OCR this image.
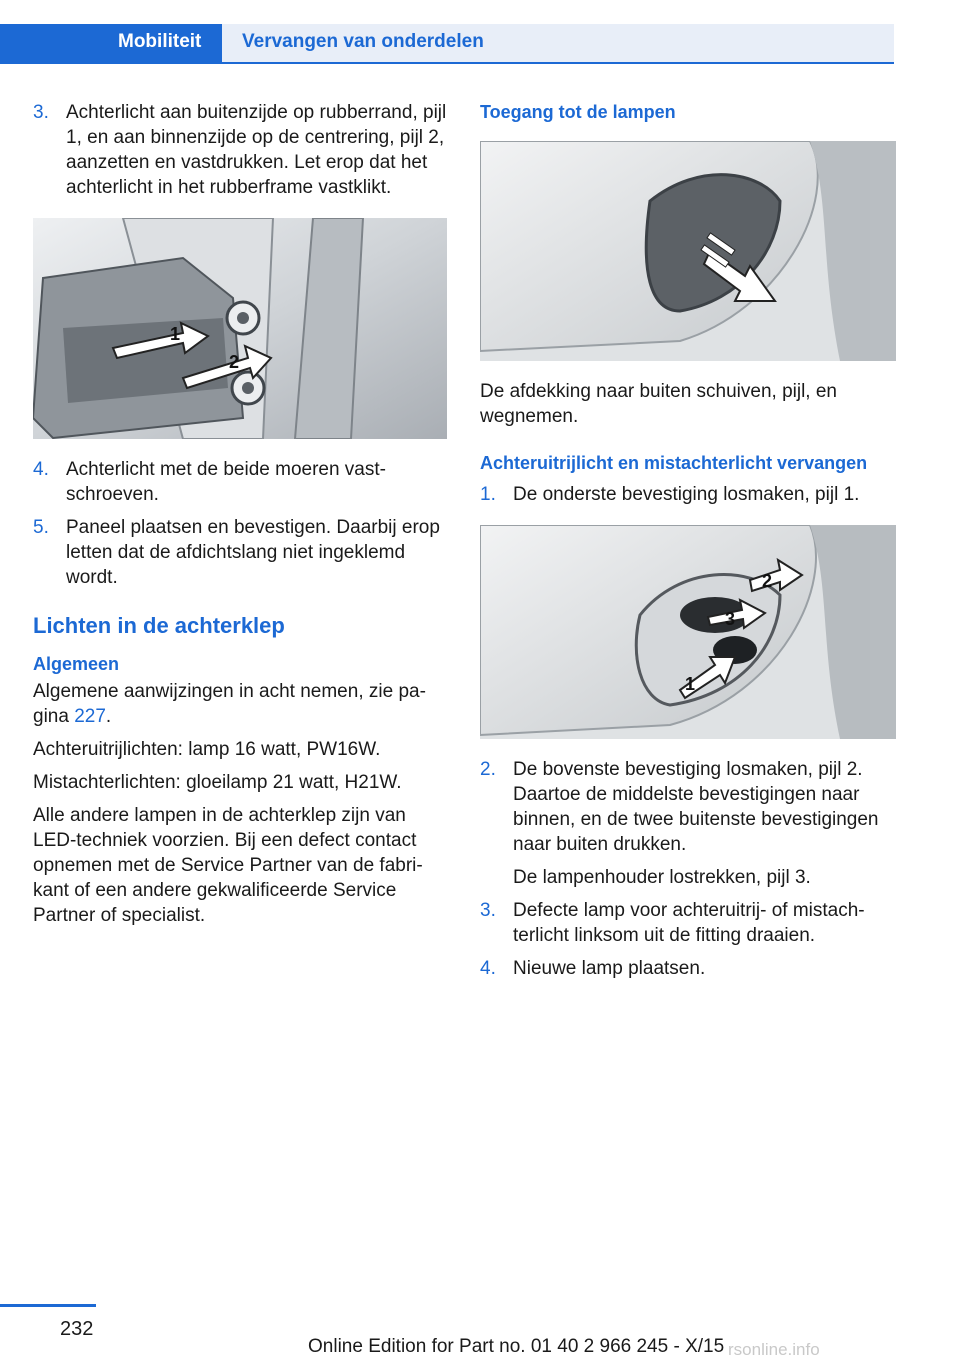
Mobiliteit Vervangen van onderdelen
3. Achterlicht aan buitenzijde op rubberrand, pijl 1, en aan binnenzijde op de centrering, pijl 2, aanzetten en vastdrukken. Let erop dat het achterlicht in het rubberframe vastklikt.
1
2
4. Achterlicht met de beide moeren vastschroeven.
5. Paneel plaatsen en bevestigen. Daarbij erop letten dat de afdichtslang niet ingeklemd wordt.
Lichten in de achterklep
Algemeen

Algemene aanwijzingen in acht nemen, zie pagina 227.

Achteruitrijlichten: lamp 16 watt, PW16W.

Mistachterlichten: gloeilamp 21 watt, H21W.

Alle andere lampen in de achterklep zijn van LED-techniek voorzien. Bij een defect contact opnemen met de Service Partner van de fabrikant of een andere gekwalificeerde Service Partner of specialist.

Toegang tot de lampen

De afdekking naar buiten schuiven, pijl, en wegnemen.

Achteruitrijlicht en mistachterlicht vervangen
1. De onderste bevestiging losmaken, pijl 1.
2
3
1
2. De bovenste bevestiging losmaken, pijl 2. Daartoe de middelste bevestigingen naar binnen, en de twee buitenste bevestigingen naar buiten drukken.
De lampenhouder lostrekken, pijl 3.
3. Defecte lamp voor achteruitrij- of mistachterlicht linksom uit de fitting draaien.
4. Nieuwe lamp plaatsen.
232
Online Edition for Part no. 01 40 2 966 245 - X/15 rsonline.info
